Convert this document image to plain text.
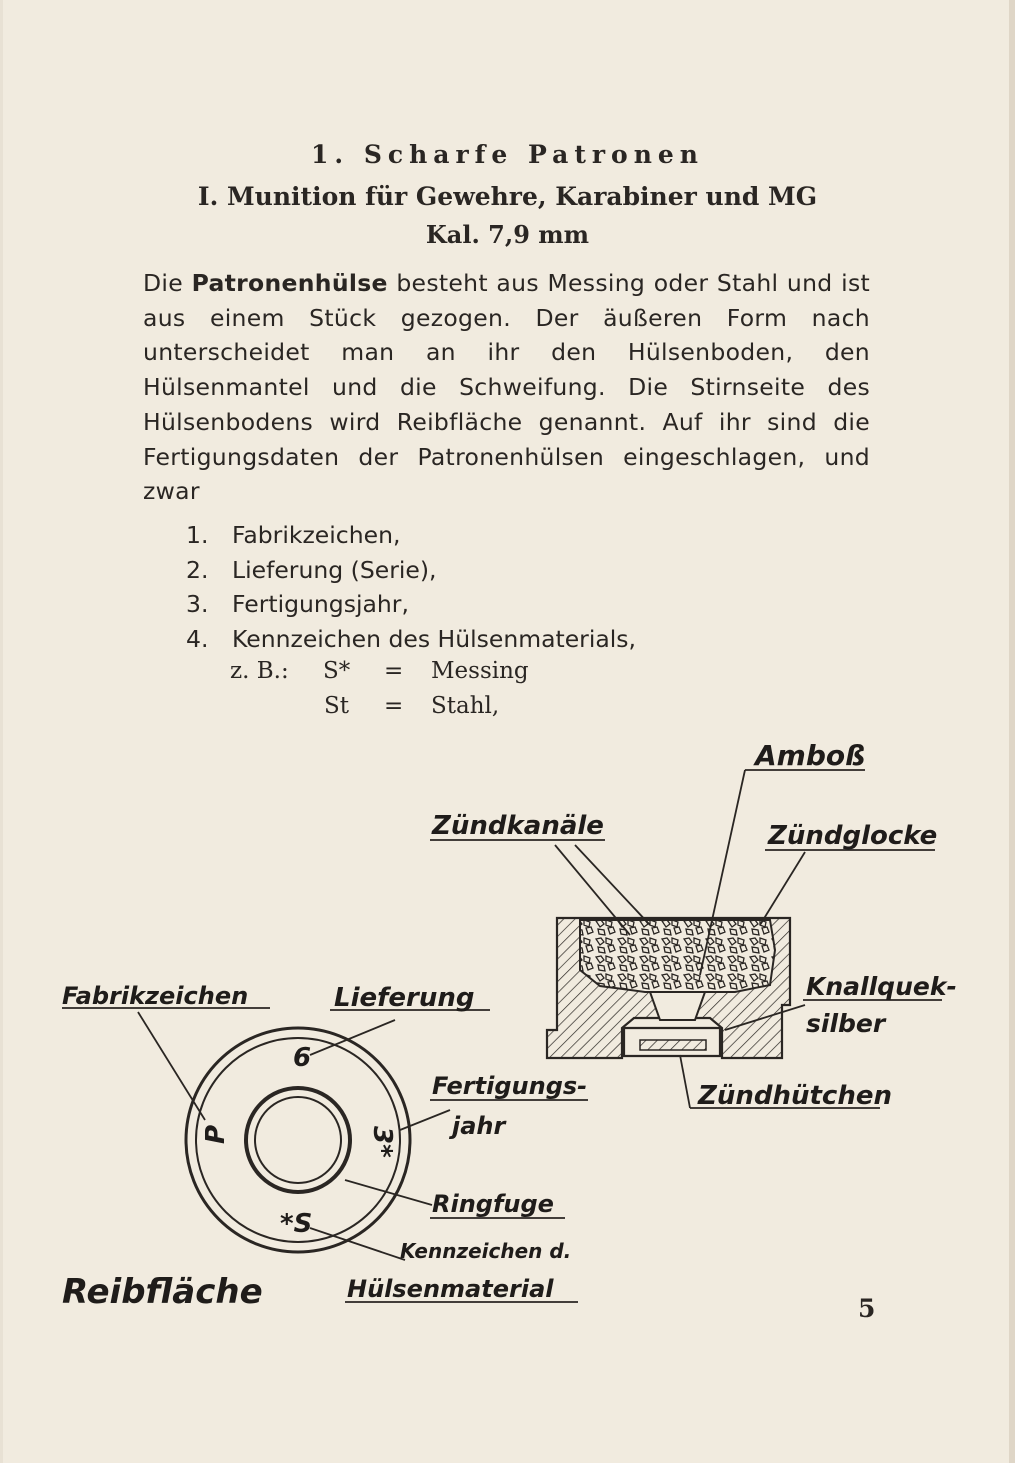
1. Scharfe Patronen
I. Munition für Gewehre, Karabiner und MG
Kal. 7,9 mm
Die Patronenhülse besteht aus Messing oder Stahl und ist aus einem Stück gezogen. Der äußeren Form nach unterscheidet man an ihr den Hülsenboden, den Hülsenmantel und die Schweifung. Die Stirnseite des Hülsenbodens wird Reibfläche genannt. Auf ihr sind die Fertigungsdaten der Patronenhülsen eingeschlagen, und zwar
1. Fabrikzeichen,
2. Lieferung (Serie),
3. Fertigungsjahr,
4. Kennzeichen des Hülsenmaterials,
z. B.: S* = Messing
St = Stahl,
6
P	3*
*S
Amboß
Zündkanäle	Zündglocke
Knallquek-
silber
Zündhütchen
Fabrikzeichen	Lieferung
Fertigungs-
jahr
Ringfuge
Kennzeichen d.
Hülsenmaterial
Reibfläche	5
